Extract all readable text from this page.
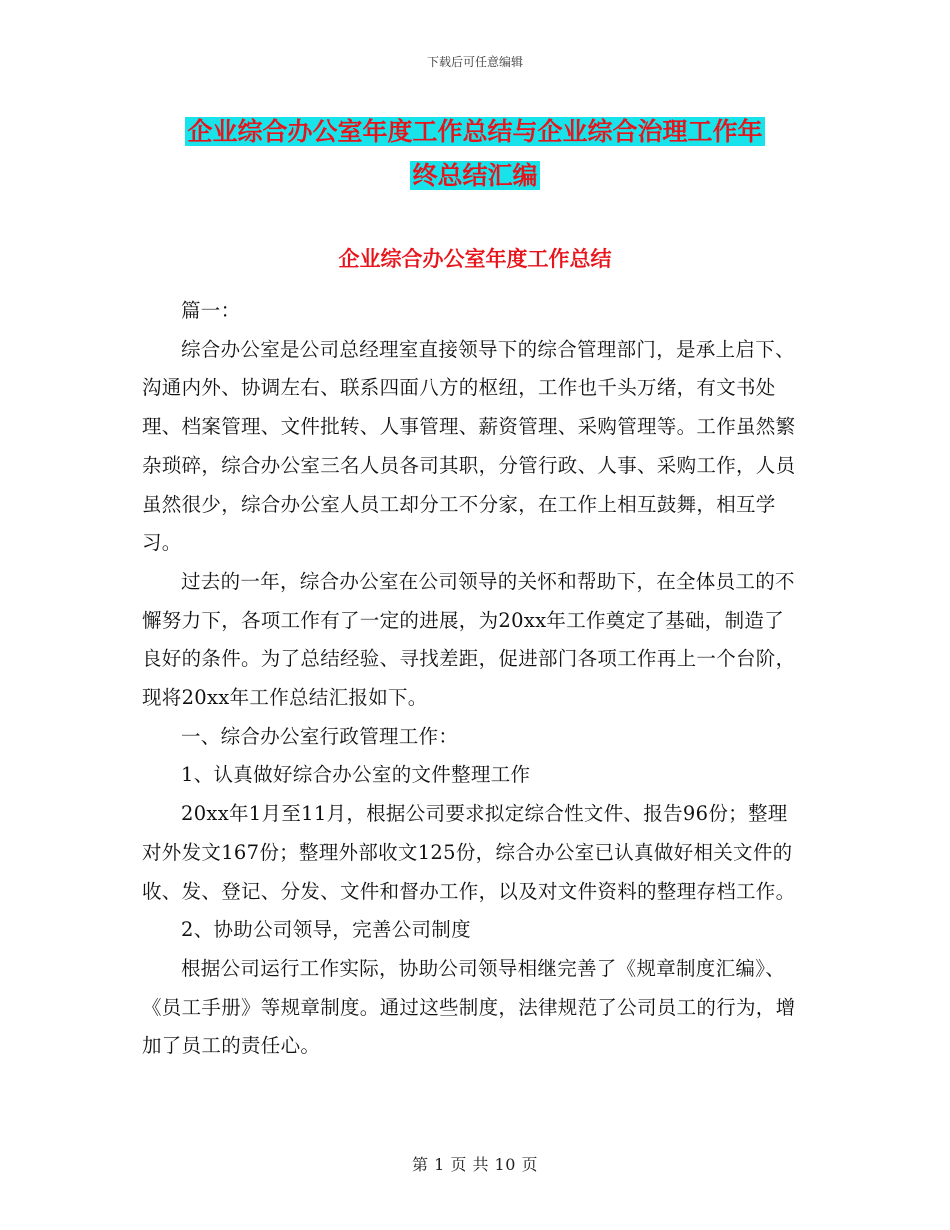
下载后可任意编辑
企业综合办公室年度工作总结与企业综合治理工作年
终总结汇编
企业综合办公室年度工作总结

篇一：

综合办公室是公司总经理室直接领导下的综合管理部门，是承上启下、沟通内外、协调左右、联系四面八方的枢纽，工作也千头万绪，有文书处理、档案管理、文件批转、人事管理、薪资管理、采购管理等。工作虽然繁杂琐碎，综合办公室三名人员各司其职，分管行政、人事、采购工作，人员虽然很少，综合办公室人员工却分工不分家，在工作上相互鼓舞，相互学习。

过去的一年，综合办公室在公司领导的关怀和帮助下，在全体员工的不懈努力下，各项工作有了一定的进展，为20xx年工作奠定了基础，制造了良好的条件。为了总结经验、寻找差距，促进部门各项工作再上一个台阶，现将20xx年工作总结汇报如下。

一、综合办公室行政管理工作：

1、认真做好综合办公室的文件整理工作

20xx年1月至11月，根据公司要求拟定综合性文件、报告96份；整理对外发文167份；整理外部收文125份，综合办公室已认真做好相关文件的收、发、登记、分发、文件和督办工作，以及对文件资料的整理存档工作。

2、协助公司领导，完善公司制度

根据公司运行工作实际，协助公司领导相继完善了《规章制度汇编》、《员工手册》等规章制度。通过这些制度，法律规范了公司员工的行为，增加了员工的责任心。

第 1 页 共 10 页
